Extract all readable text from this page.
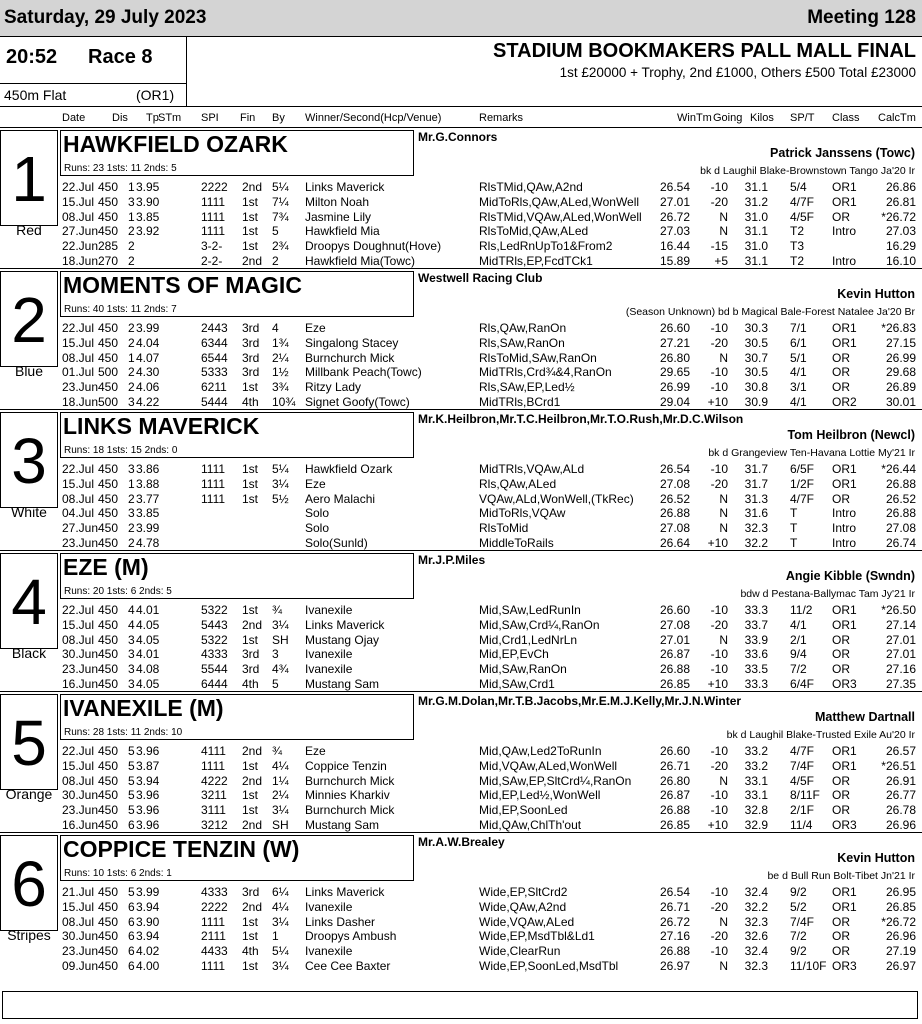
Saturday, 29 July 2023	Meeting 128
20:52 Race 8	STADIUM BOOKMAKERS PALL MALL FINAL
1st £20000 + Trophy, 2nd £1000, Others £500 Total £23000
450m Flat	(OR1)
Date Dis Tp STm SPI Fin By Winner/Second(Hcp/Venue)	Remarks	WinTm Going Kilos SP/T Class CalcTm
1
Red
HAWKFIELD OZARK
Runs: 23 1sts: 11 2nds: 5
Mr.G.Connors
Patrick Janssens (Towc)
bk d Laughil Blake-Brownstown Tango Ja'20 Ir
22.Jul 450 1 3.95	2222 2nd 5¼ Links Maverick	RlsTMid,QAw,A2nd	26.54 -10 31.1 5/4 OR1 26.86
15.Jul 450 3 3.90	1111 1st 7¼ Milton Noah	MidToRls,QAw,ALed,WonWell 27.01 -20 31.2 4/7F OR1 26.81
08.Jul 450 1 3.85	1111 1st 7¾ Jasmine Lily	RlsTMid,VQAw,ALed,WonWell 26.72 N 31.0 4/5F OR	*26.72
27.Jun 450 2 3.92	1111 1st 5 Hawkfield Mia	RlsToMid,QAw,ALed	27.03 N 31.1 T2 Intro 27.03
22.Jun 285 2	3-2- 1st 2¾ Droopys Doughnut(Hove)	Rls,LedRnUpTo1&From2	16.44 -15 31.0 T3	16.29
18.Jun 270 2	2-2- 2nd 2 Hawkfield Mia(Towc)	MidTRls,EP,FcdTCk1	15.89 +5 31.1 T2 Intro 16.10
2
Blue
MOMENTS OF MAGIC
Runs: 40 1sts: 11 2nds: 7
Westwell Racing Club
Kevin Hutton
(Season Unknown) bd b Magical Bale-Forest Natalee Ja'20 Br
22.Jul 450 2 3.99	2443 3rd 4 Eze	Rls,QAw,RanOn	26.60 -10 30.3 7/1 OR1 *26.83
15.Jul 450 2 4.04	6344 3rd 1¾ Singalong Stacey	Rls,SAw,RanOn	27.21 -20 30.5 6/1 OR1 27.15
08.Jul 450 1 4.07	6544 3rd 2¼ Burnchurch Mick	RlsToMid,SAw,RanOn	26.80 N 30.7 5/1 OR	26.99
01.Jul 500 2 4.30	5333 3rd 1½ Millbank Peach(Towc)	MidTRls,Crd¾&4,RanOn	29.65 -10 30.5 4/1 OR	29.68
23.Jun 450 2 4.06	6211 1st 3¾ Ritzy Lady	Rls,SAw,EP,Led½	26.99 -10 30.8 3/1 OR	26.89
18.Jun 500 3 4.22	5444 4th 10¾ Signet Goofy(Towc)	MidTRls,BCrd1	29.04 +10 30.9 4/1 OR2 30.01
3
White
LINKS MAVERICK
Runs: 18 1sts: 15 2nds: 0
Mr.K.Heilbron,Mr.T.C.Heilbron,Mr.T.O.Rush,Mr.D.C.Wilson
Tom Heilbron (Newcl)
bk d Grangeview Ten-Havana Lottie My'21 Ir
22.Jul 450 3 3.86	1111 1st 5¼ Hawkfield Ozark	MidTRls,VQAw,ALd	26.54 -10 31.7 6/5F OR1 *26.44
15.Jul 450 1 3.88	1111 1st 3¼ Eze	Rls,QAw,ALed	27.08 -20 31.7 1/2F OR1 26.88
08.Jul 450 2 3.77	1111 1st 5½ Aero Malachi	VQAw,ALd,WonWell,(TkRec) 26.52 N 31.3 4/7F OR	26.52
04.Jul 450 3 3.85	Solo	MidToRls,VQAw	26.88 N 31.6 T	Intro 26.88
27.Jun 450 2 3.99	Solo	RlsToMid	27.08 N 32.3 T	Intro 27.08
23.Jun 450 2 4.78	Solo(Sunld)	MiddleToRails	26.64 +10 32.2 T	Intro 26.74
4
Black
EZE (M)
Runs: 20 1sts: 6 2nds: 5
Mr.J.P.Miles
Angie Kibble (Swndn)
bdw d Pestana-Ballymac Tam Jy'21 Ir
22.Jul 450 4 4.01	5322 1st ¾ Ivanexile	Mid,SAw,LedRunIn	26.60 -10 33.3 11/2 OR1 *26.50
15.Jul 450 4 4.05	5443 2nd 3¼ Links Maverick	Mid,SAw,Crd¼,RanOn	27.08 -20 33.7 4/1 OR1 27.14
08.Jul 450 3 4.05	5322 1st SH Mustang Ojay	Mid,Crd1,LedNrLn	27.01 N 33.9 2/1 OR	27.01
30.Jun 450 3 4.01	4333 3rd 3 Ivanexile	Mid,EP,EvCh	26.87 -10 33.6 9/4 OR	27.01
23.Jun 450 3 4.08	5544 3rd 4¾ Ivanexile	Mid,SAw,RanOn	26.88 -10 33.5 7/2 OR	27.16
16.Jun 450 3 4.05	6444 4th 5 Mustang Sam	Mid,SAw,Crd1	26.85 +10 33.3 6/4F OR3 27.35
5
Orange
IVANEXILE (M)
Runs: 28 1sts: 11 2nds: 10
Mr.G.M.Dolan,Mr.T.B.Jacobs,Mr.E.M.J.Kelly,Mr.J.N.Winter
Matthew Dartnall
bk d Laughil Blake-Trusted Exile Au'20 Ir
22.Jul 450 5 3.96	4111 2nd ¾ Eze	Mid,QAw,Led2ToRunIn	26.60 -10 33.2 4/7F OR1 26.57
15.Jul 450 5 3.87	1111 1st 4¼ Coppice Tenzin	Mid,VQAw,ALed,WonWell	26.71 -20 33.2 7/4F OR1 *26.51
08.Jul 450 5 3.94	4222 2nd 1¼ Burnchurch Mick	Mid,SAw,EP,SltCrd¼,RanOn 26.80 N 33.1 4/5F OR	26.91
30.Jun 450 5 3.96	3211 1st 2¼ Minnies Kharkiv	Mid,EP,Led½,WonWell	26.87 -10 33.1 8/11F OR	26.77
23.Jun 450 5 3.96	3111 1st 3¼ Burnchurch Mick	Mid,EP,SoonLed	26.88 -10 32.8 2/1F OR	26.78
16.Jun 450 6 3.96	3212 2nd SH Mustang Sam	Mid,QAw,ChlTh'out	26.85 +10 32.9 11/4 OR3 26.96
6
Stripes
COPPICE TENZIN (W)
Runs: 10 1sts: 6 2nds: 1
Mr.A.W.Brealey
Kevin Hutton
be d Bull Run Bolt-Tibet Jn'21 Ir
21.Jul 450 5 3.99	4333 3rd 6¼ Links Maverick	Wide,EP,SltCrd2	26.54 -10 32.4 9/2 OR1 26.95
15.Jul 450 6 3.94	2222 2nd 4¼ Ivanexile	Wide,QAw,A2nd	26.71 -20 32.2 5/2 OR1 26.85
08.Jul 450 6 3.90	1111 1st 3¼ Links Dasher	Wide,VQAw,ALed	26.72 N 32.3 7/4F OR	*26.72
30.Jun 450 6 3.94	2111 1st 1 Droopys Ambush	Wide,EP,MsdTbl&Ld1	27.16 -20 32.6 7/2 OR	26.96
23.Jun 450 6 4.02	4433 4th 5¼ Ivanexile	Wide,ClearRun	26.88 -10 32.4 9/2 OR	27.19
09.Jun 450 6 4.00	1111 1st 3¼ Cee Cee Baxter	Wide,EP,SoonLed,MsdTbl	26.97 N 32.3 11/10F OR3 26.97
